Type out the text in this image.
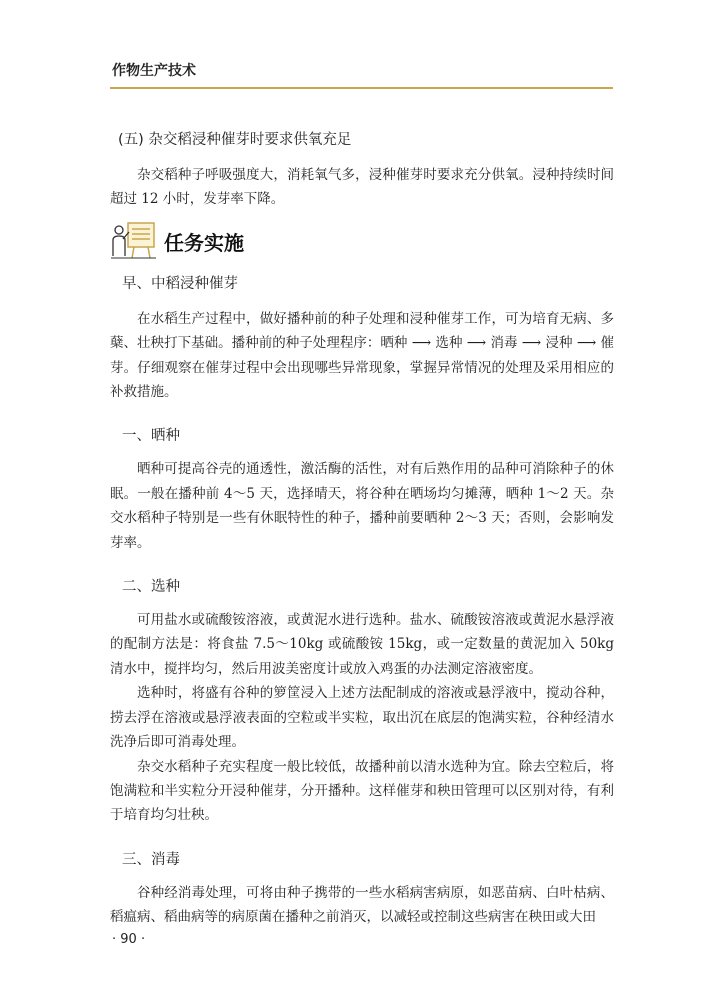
作物生产技术
(五) 杂交稻浸种催芽时要求供氧充足

杂交稻种子呼吸强度大，消耗氧气多，浸种催芽时要求充分供氧。浸种持续时间超过 12 小时，发芽率下降。

任务实施
早、中稻浸种催芽

在水稻生产过程中，做好播种前的种子处理和浸种催芽工作，可为培育无病、多蘖、壮秧打下基础。播种前的种子处理程序：晒种 ⟶ 选种 ⟶ 消毒 ⟶ 浸种 ⟶ 催芽。仔细观察在催芽过程中会出现哪些异常现象，掌握异常情况的处理及采用相应的补救措施。

一、晒种

晒种可提高谷壳的通透性，激活酶的活性，对有后熟作用的品种可消除种子的休眠。一般在播种前 4～5 天，选择晴天，将谷种在晒场均匀摊薄，晒种 1～2 天。杂交水稻种子特别是一些有休眠特性的种子，播种前要晒种 2～3 天；否则，会影响发芽率。

二、选种

可用盐水或硫酸铵溶液，或黄泥水进行选种。盐水、硫酸铵溶液或黄泥水悬浮液的配制方法是：将食盐 7.5～10kg 或硫酸铵 15kg，或一定数量的黄泥加入 50kg 清水中，搅拌均匀，然后用波美密度计或放入鸡蛋的办法测定溶液密度。

选种时，将盛有谷种的箩筐浸入上述方法配制成的溶液或悬浮液中，搅动谷种，捞去浮在溶液或悬浮液表面的空粒或半实粒，取出沉在底层的饱满实粒，谷种经清水洗净后即可消毒处理。

杂交水稻种子充实程度一般比较低，故播种前以清水选种为宜。除去空粒后，将饱满粒和半实粒分开浸种催芽，分开播种。这样催芽和秧田管理可以区别对待，有利于培育均匀壮秧。

三、消毒

谷种经消毒处理，可将由种子携带的一些水稻病害病原，如恶苗病、白叶枯病、稻瘟病、稻曲病等的病原菌在播种之前消灭，以减轻或控制这些病害在秧田或大田

· 90 ·
